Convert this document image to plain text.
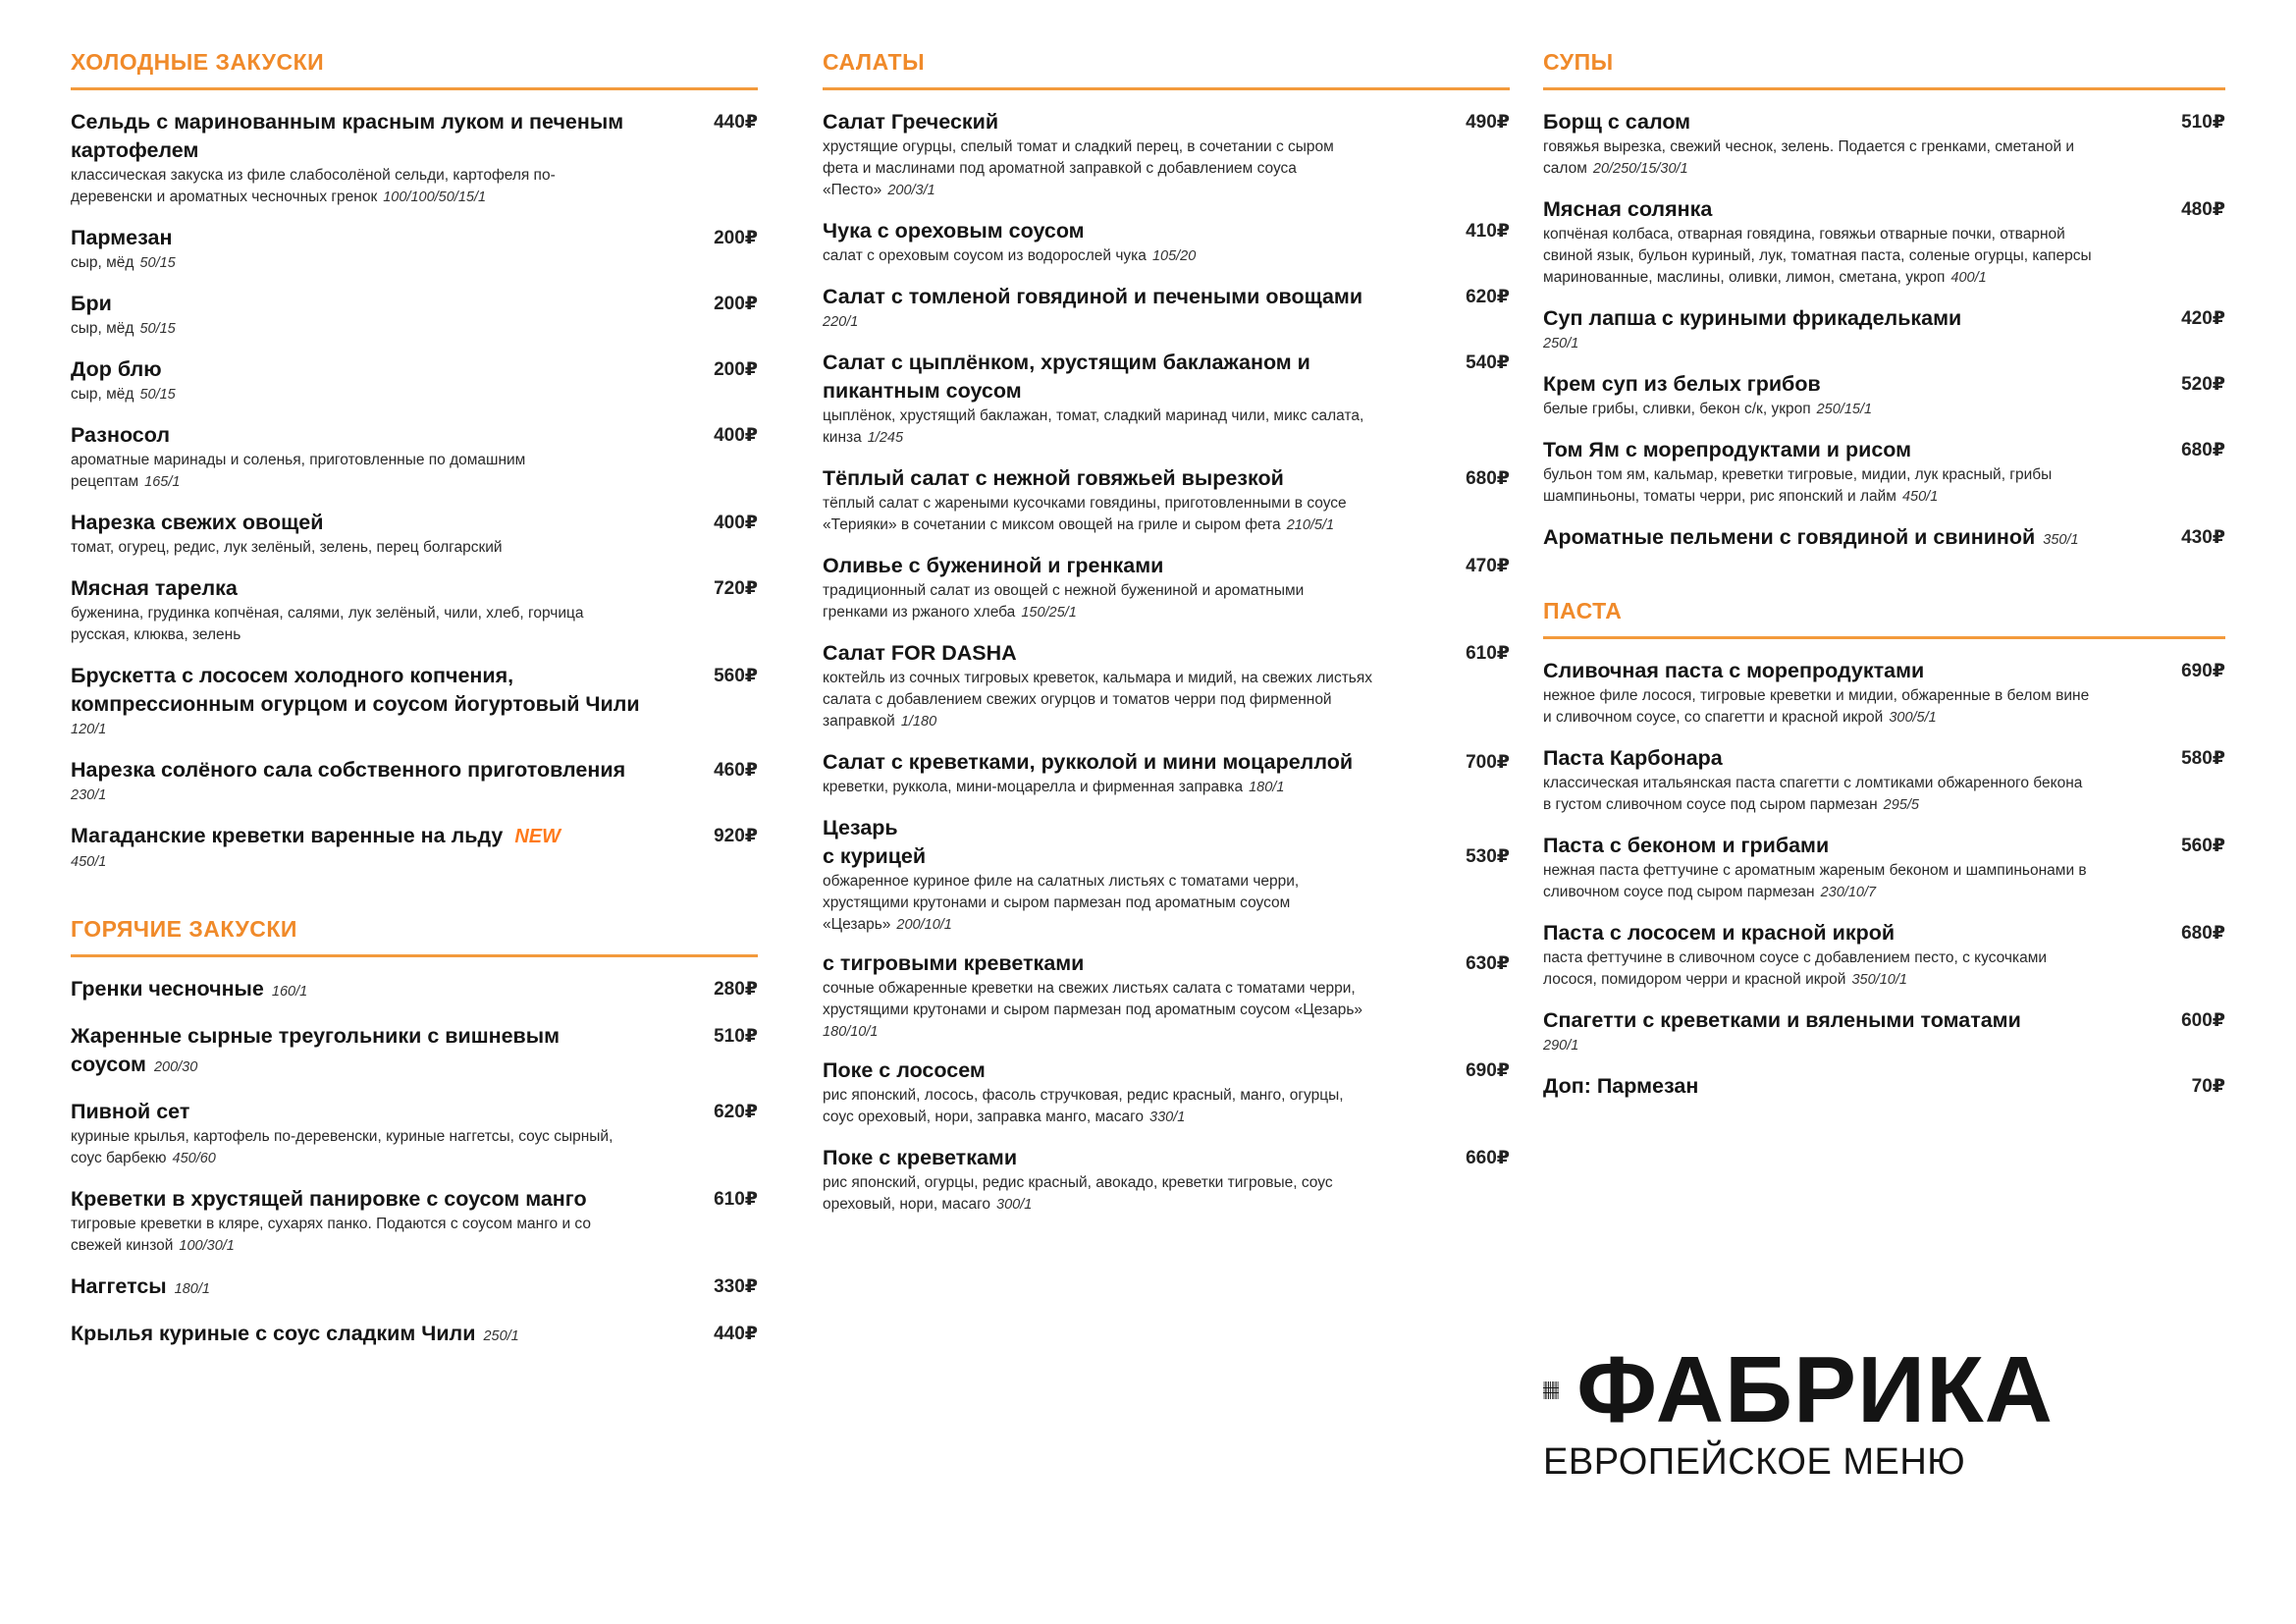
ХОЛОДНЫЕ ЗАКУСКИ
Сельдь с маринованным красным луком и печеным картофелем
440₽
классическая закуска из филе слабосолёной сельди, картофеля по-деревенски и ароматных чесночных гренок 100/100/50/15/1
Пармезан	200₽
сыр, мёд 50/15
Бри	200₽
сыр, мёд 50/15
Дор блю	200₽
сыр, мёд 50/15
Разносол	400₽
ароматные маринады и соленья, приготовленные по домашним рецептам 165/1
Нарезка свежих овощей	400₽
томат, огурец, редис, лук зелёный, зелень, перец болгарский
Мясная тарелка	720₽
буженина, грудинка копчёная, салями, лук зелёный, чили, хлеб, горчица русская, клюква, зелень
Брускетта с лососем холодного копчения, компрессионным огурцом и соусом йогуртовый Чили
560₽
120/1
Нарезка солёного сала собственного приготовления	460₽
230/1
Магаданские креветки варенные на льду NEW	920₽
450/1
ГОРЯЧИЕ ЗАКУСКИ
Гренки чесночные 160/1	280₽
Жаренные сырные треугольники с вишневым соусом 200/30
510₽
Пивной сет	620₽
куриные крылья, картофель по-деревенски, куриные наггетсы, соус сырный, соус барбекю 450/60
Креветки в хрустящей панировке с соусом манго	610₽
тигровые креветки в кляре, сухарях панко. Подаются с соусом манго и со свежей кинзой 100/30/1
Наггетсы 180/1	330₽
Крылья куриные с соус сладким Чили 250/1	440₽
САЛАТЫ
Салат Греческий	490₽
хрустящие огурцы, спелый томат и сладкий перец, в сочетании с сыром фета и маслинами под ароматной заправкой с добавлением соуса «Песто» 200/3/1
Чука с ореховым соусом	410₽
салат с ореховым соусом из водорослей чука 105/20
Салат с томленой говядиной и печеными овощами	620₽
220/1
Салат с цыплёнком, хрустящим баклажаном и пикантным соусом
540₽
цыплёнок, хрустящий баклажан, томат, сладкий маринад чили, микс салата, кинза 1/245
Тёплый салат с нежной говяжьей вырезкой	680₽
тёплый салат с жареными кусочками говядины, приготовленными в соусе «Терияки» в сочетании с миксом овощей на гриле и сыром фета 210/5/1
Оливье с бужениной и гренками	470₽
традиционный салат из овощей с нежной бужениной и ароматными гренками из ржаного хлеба 150/25/1
Салат FOR DASHA	610₽
коктейль из сочных тигровых креветок, кальмара и мидий, на свежих листьях салата с добавлением свежих огурцов и томатов черри под фирменной заправкой 1/180
Салат с креветками, рукколой и мини моцареллой	700₽
креветки, руккола, мини-моцарелла и фирменная заправка 180/1
Цезарь
с курицей	530₽
обжаренное куриное филе на салатных листьях с томатами черри, хрустящими крутонами и сыром пармезан под ароматным соусом «Цезарь» 200/10/1
с тигровыми креветками	630₽
сочные обжаренные креветки на свежих листьях салата с томатами черри, хрустящими крутонами и сыром пармезан под ароматным соусом «Цезарь»
180/10/1
Поке с лососем	690₽
рис японский, лосось, фасоль стручковая, редис красный, манго, огурцы, соус ореховый, нори, заправка манго, масаго 330/1
Поке с креветками	660₽
рис японский, огурцы, редис красный, авокадо, креветки тигровые, соус ореховый, нори, масаго 300/1
СУПЫ
Борщ с салом	510₽
говяжья вырезка, свежий чеснок, зелень. Подается с гренками, сметаной и салом 20/250/15/30/1
Мясная солянка	480₽
копчёная колбаса, отварная говядина, говяжьи отварные почки, отварной свиной язык, бульон куриный, лук, томатная паста, соленые огурцы, каперсы маринованные, маслины, оливки, лимон, сметана, укроп 400/1
Суп лапша с куриными фрикадельками	420₽
250/1
Крем суп из белых грибов	520₽
белые грибы, сливки, бекон с/к, укроп 250/15/1
Том Ям с морепродуктами и рисом	680₽
бульон том ям, кальмар, креветки тигровые, мидии, лук красный, грибы шампиньоны, томаты черри, рис японский и лайм 450/1
Ароматные пельмени с говядиной и свининой 350/1	430₽
ПАСТА
Сливочная паста с морепродуктами	690₽
нежное филе лосося, тигровые креветки и мидии, обжаренные в белом вине и сливочном соусе, со спагетти и красной икрой 300/5/1
Паста Карбонара	580₽
классическая итальянская паста спагетти с ломтиками обжаренного бекона в густом сливочном соусе под сыром пармезан 295/5
Паста с беконом и грибами	560₽
нежная паста феттучине с ароматным жареным беконом и шампиньонами в сливочном соусе под сыром пармезан 230/10/7
Паста с лососем и красной икрой	680₽
паста феттучине в сливочном соусе с добавлением песто, с кусочками лосося, помидором черри и красной икрой 350/10/1
Спагетти с креветками и вялеными томатами	600₽
290/1
Доп: Пармезан	70₽
ФАБРИКА
ЕВРОПЕЙСКОЕ МЕНЮ
